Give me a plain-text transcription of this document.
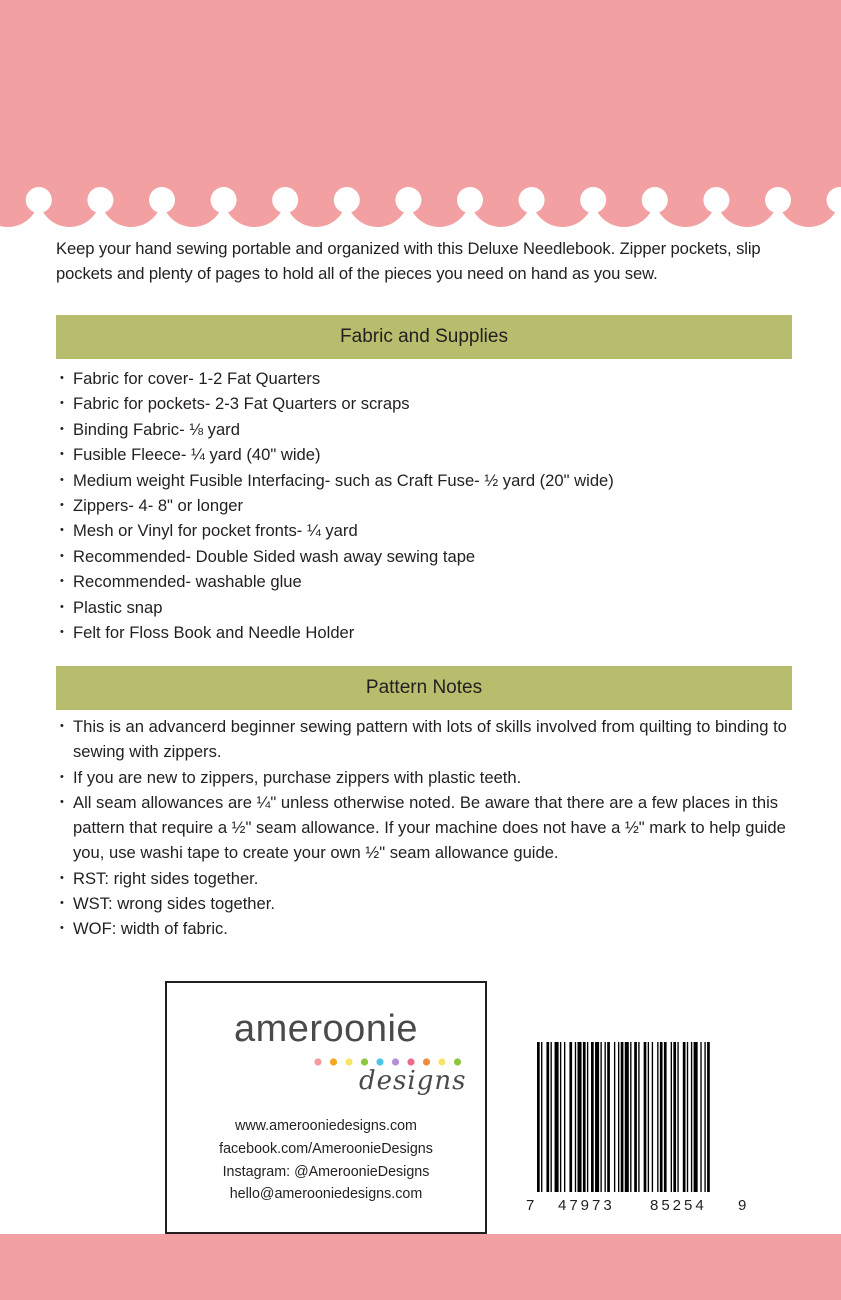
Keep your hand sewing portable and organized with this Deluxe Needlebook. Zipper pockets, slip pockets and plenty of pages to hold all of the pieces you need on hand as you sew.
Fabric and Supplies
• Fabric for cover- 1-2 Fat Quarters
• Fabric for pockets- 2-3 Fat Quarters or scraps
• Binding Fabric- ⅛ yard
• Fusible Fleece- ¼ yard (40" wide)
• Medium weight Fusible Interfacing- such as Craft Fuse- ½ yard (20" wide)
• Zippers- 4- 8" or longer
• Mesh or Vinyl for pocket fronts- ¼ yard
• Recommended- Double Sided wash away sewing tape
• Recommended- washable glue
• Plastic snap
• Felt for Floss Book and Needle Holder
Pattern Notes
• This is an advancerd beginner sewing pattern with lots of skills involved from quilting to binding to sewing with zippers.
• If you are new to zippers, purchase zippers with plastic teeth.
• All seam allowances are ¼" unless otherwise noted. Be aware that there are a few places in this pattern that require a ½" seam allowance. If your machine does not have a ½" mark to help guide you, use washi tape to create your own ½" seam allowance guide.
• RST: right sides together.
• WST: wrong sides together.
• WOF: width of fabric.
ameroonie
designs
www.amerooniedesigns.com
facebook.com/AmeroonieDesigns
Instagram: @AmeroonieDesigns
hello@amerooniedesigns.com
7 47973 85254 9
